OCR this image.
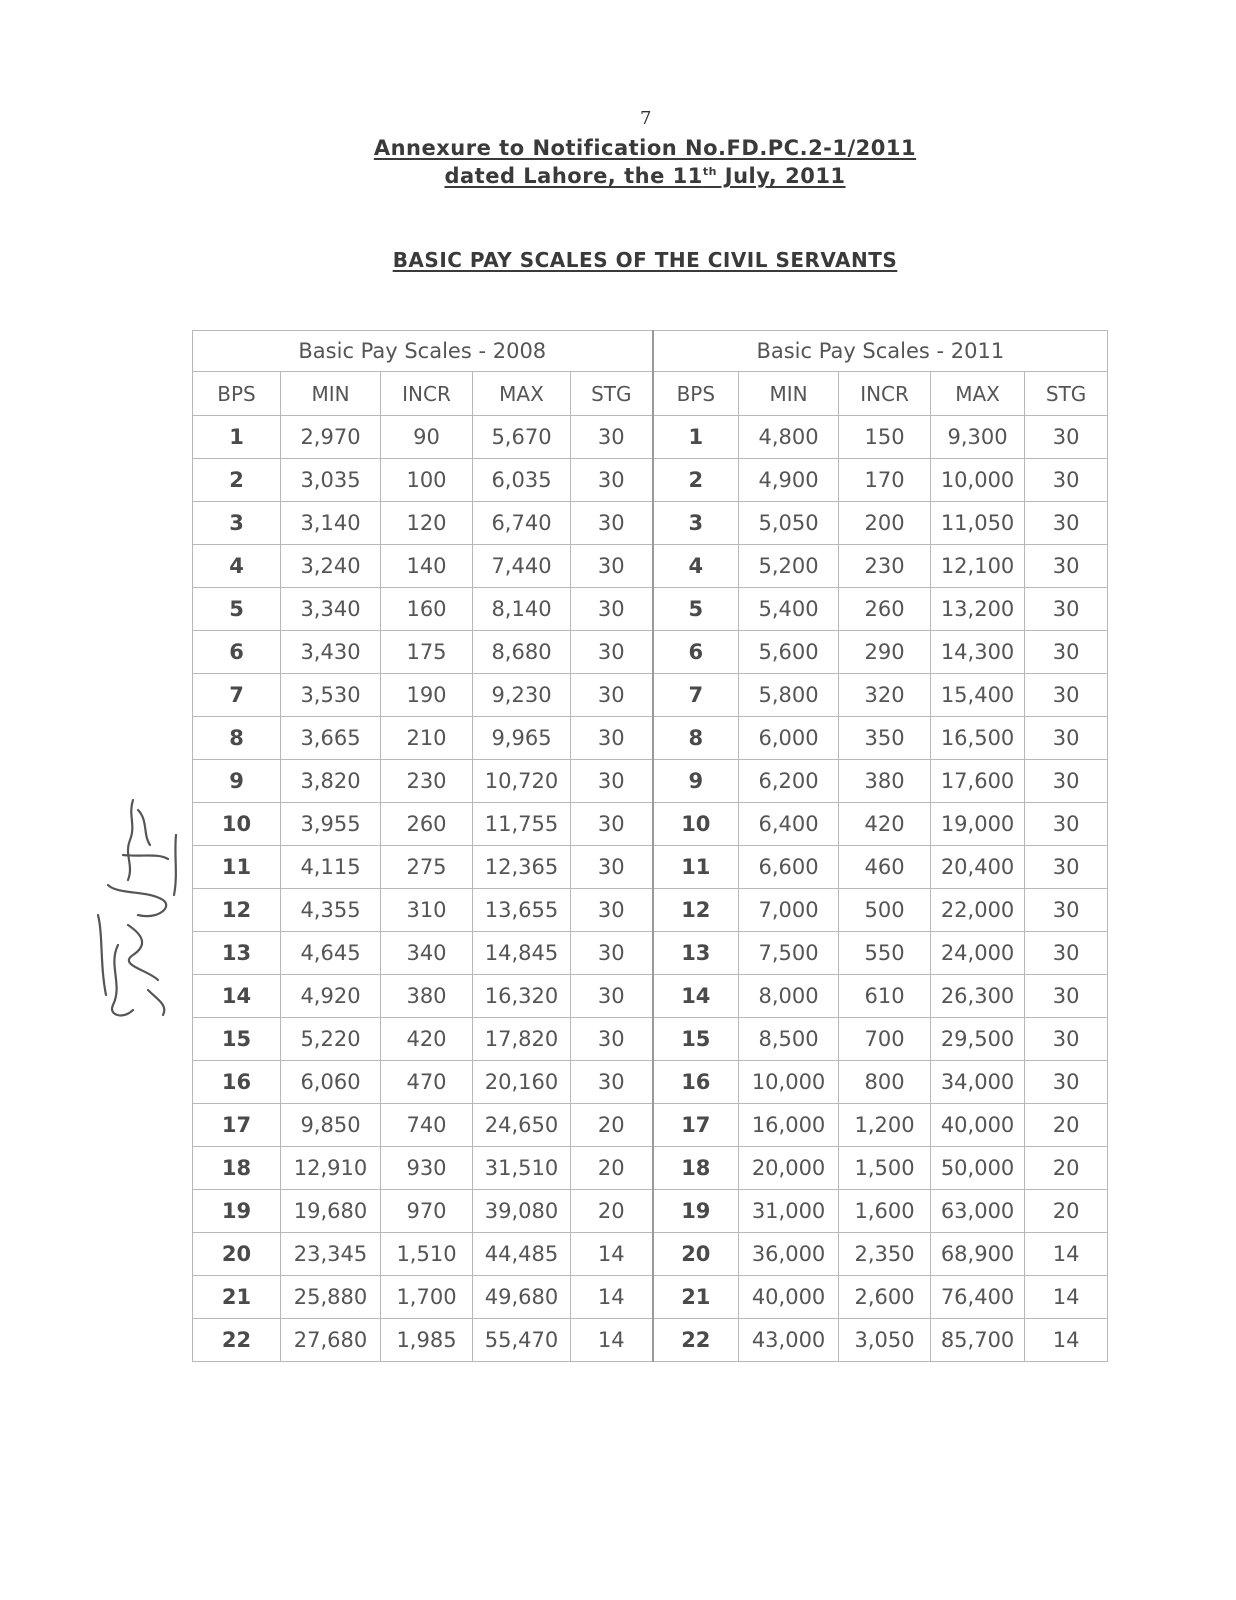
7
Annexure to Notification No.FD.PC.2-1/2011
dated Lahore, the 11th July, 2011
BASIC PAY SCALES OF THE CIVIL SERVANTS
Basic Pay Scales - 2008					Basic Pay Scales - 2011				
BPS	MIN	INCR	MAX	STG	BPS	MIN	INCR	MAX	STG
1	2,970	90	5,670	30	1	4,800	150	9,300	30
2	3,035	100	6,035	30	2	4,900	170	10,000	30
3	3,140	120	6,740	30	3	5,050	200	11,050	30
4	3,240	140	7,440	30	4	5,200	230	12,100	30
5	3,340	160	8,140	30	5	5,400	260	13,200	30
6	3,430	175	8,680	30	6	5,600	290	14,300	30
7	3,530	190	9,230	30	7	5,800	320	15,400	30
8	3,665	210	9,965	30	8	6,000	350	16,500	30
9	3,820	230	10,720	30	9	6,200	380	17,600	30
10	3,955	260	11,755	30	10	6,400	420	19,000	30
11	4,115	275	12,365	30	11	6,600	460	20,400	30
12	4,355	310	13,655	30	12	7,000	500	22,000	30
13	4,645	340	14,845	30	13	7,500	550	24,000	30
14	4,920	380	16,320	30	14	8,000	610	26,300	30
15	5,220	420	17,820	30	15	8,500	700	29,500	30
16	6,060	470	20,160	30	16	10,000	800	34,000	30
17	9,850	740	24,650	20	17	16,000	1,200	40,000	20
18	12,910	930	31,510	20	18	20,000	1,500	50,000	20
19	19,680	970	39,080	20	19	31,000	1,600	63,000	20
20	23,345	1,510	44,485	14	20	36,000	2,350	68,900	14
21	25,880	1,700	49,680	14	21	40,000	2,600	76,400	14
22	27,680	1,985	55,470	14	22	43,000	3,050	85,700	14
